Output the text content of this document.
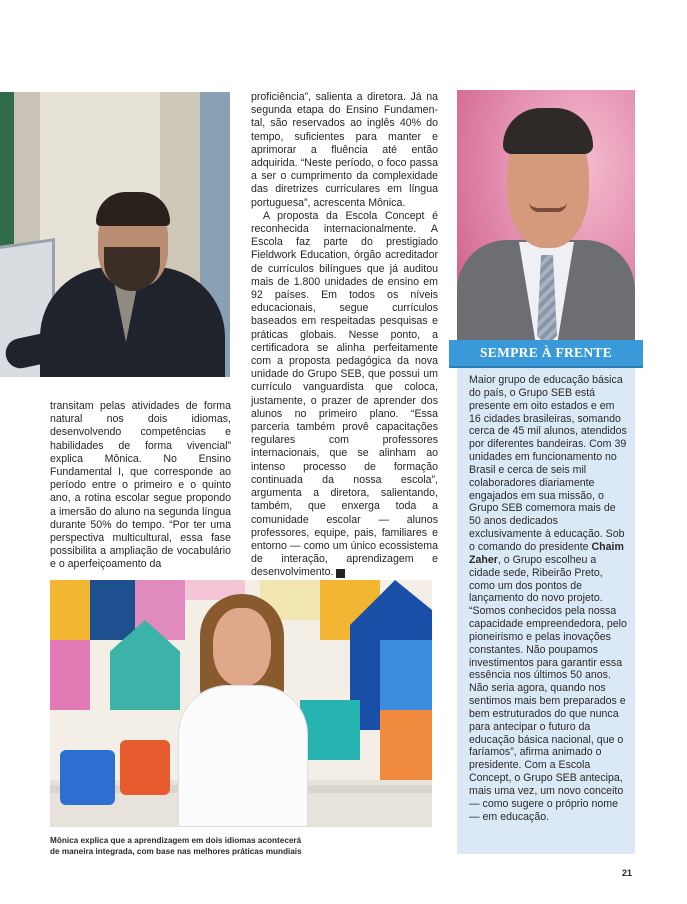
proficiência”, salienta a diretora. Já na segunda etapa do Ensino Fundamen-tal, são reservados ao inglês 40% do tempo, suficientes para manter e aprimorar a fluência até então adquirida. “Neste período, o foco passa a ser o cumprimento da complexidade das diretrizes curriculares em língua portuguesa”, acrescenta Mônica.

A proposta da Escola Concept é reconhecida internacionalmente. A Escola faz parte do prestigiado Fieldwork Education, órgão acreditador de currículos bilíngues que já auditou mais de 1.800 unidades de ensino em 92 países. Em todos os níveis educacionais, segue currículos baseados em respeitadas pesquisas e práticas globais. Nesse ponto, a certificadora se alinha perfeitamente com a proposta pedagógica da nova unidade do Grupo SEB, que possui um currículo vanguardista que coloca, justamente, o prazer de aprender dos alunos no primeiro plano. “Essa parceria também provê capacitações regulares com professores internacionais, que se alinham ao intenso processo de formação continuada da nossa escola”, argumenta a diretora, salientando, também, que enxerga toda a comunidade escolar — alunos professores, equipe, pais, familiares e entorno — como um único ecossistema de interação, aprendizagem e desenvolvimento. r

transitam pelas atividades de forma natural nos dois idiomas, desenvolvendo competências e habilidades de forma vivencial” explica Mônica. No Ensino Fundamental I, que corresponde ao período entre o primeiro e o quinto ano, a rotina escolar segue propondo a imersão do aluno na segunda língua durante 50% do tempo. “Por ter uma perspectiva multicultural, essa fase possibilita a ampliação de vocabulário e o aperfeiçoamento da

SEMPRE À FRENTE
Maior grupo de educação básica do país, o Grupo SEB está presente em oito estados e em 16 cidades brasileiras, somando cerca de 45 mil alunos, atendidos por diferentes bandeiras. Com 39 unidades em funcionamento no Brasil e cerca de seis mil colaboradores diariamente engajados em sua missão, o Grupo SEB comemora mais de 50 anos dedicados exclusivamente à educação. Sob o comando do presidente Chaim Zaher, o Grupo escolheu a cidade sede, Ribeirão Preto, como um dos pontos de lançamento do novo projeto. “Somos conhecidos pela nossa capacidade empreendedora, pelo pioneirismo e pelas inovações constantes. Não poupamos investimentos para garantir essa essência nos últimos 50 anos. Não seria agora, quando nos sentimos mais bem preparados e bem estruturados do que nunca para antecipar o futuro da educação básica nacional, que o faríamos”, afirma animado o presidente. Com a Escola Concept, o Grupo SEB antecipa, mais uma vez, um novo conceito — como sugere o próprio nome — em educação.
Mônica explica que a aprendizagem em dois idiomas acontecerá
de maneira integrada, com base nas melhores práticas mundiais
21
